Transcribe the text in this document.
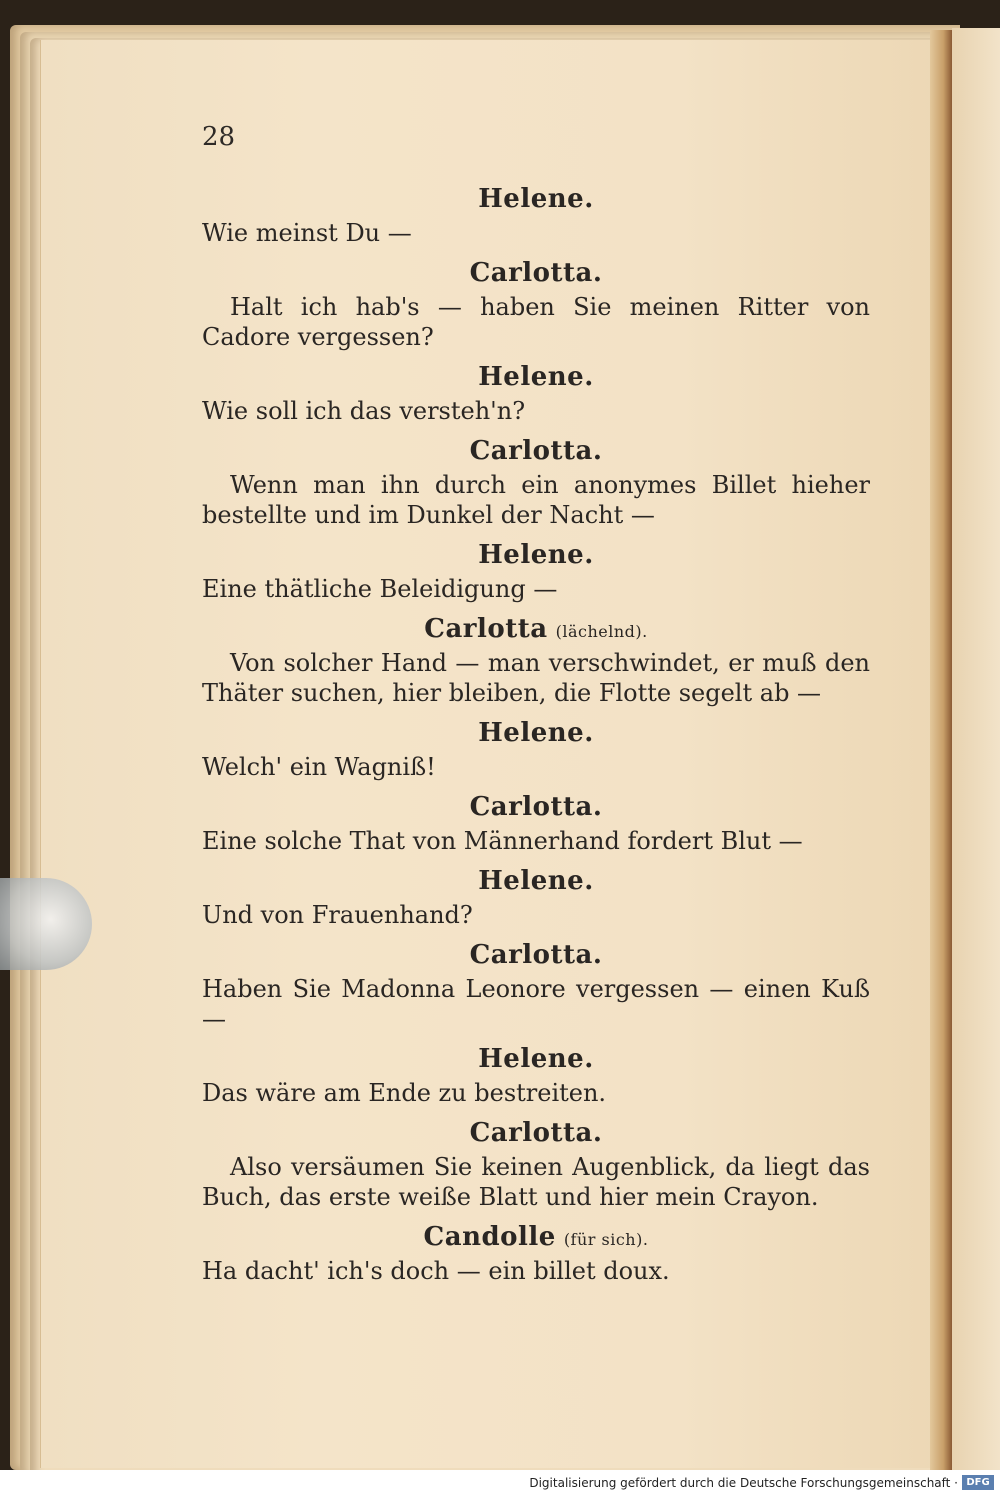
28
Helene.

Wie meinst Du —

Carlotta.

Halt ich hab's — haben Sie meinen Ritter von Cadore vergessen?

Helene.

Wie soll ich das versteh'n?

Carlotta.

Wenn man ihn durch ein anonymes Billet hieher bestellte und im Dunkel der Nacht —

Helene.

Eine thätliche Beleidigung —

Carlotta (lächelnd).

Von solcher Hand — man verschwindet, er muß den Thäter suchen, hier bleiben, die Flotte segelt ab —

Helene.

Welch' ein Wagniß!

Carlotta.

Eine solche That von Männerhand fordert Blut —

Helene.

Und von Frauenhand?

Carlotta.

Haben Sie Madonna Leonore vergessen — einen Kuß —

Helene.

Das wäre am Ende zu bestreiten.

Carlotta.

Also versäumen Sie keinen Augenblick, da liegt das Buch, das erste weiße Blatt und hier mein Crayon.

Candolle (für sich).

Ha dacht' ich's doch — ein billet doux.

Digitalisierung gefördert durch die Deutsche Forschungsgemeinschaft · DFG
